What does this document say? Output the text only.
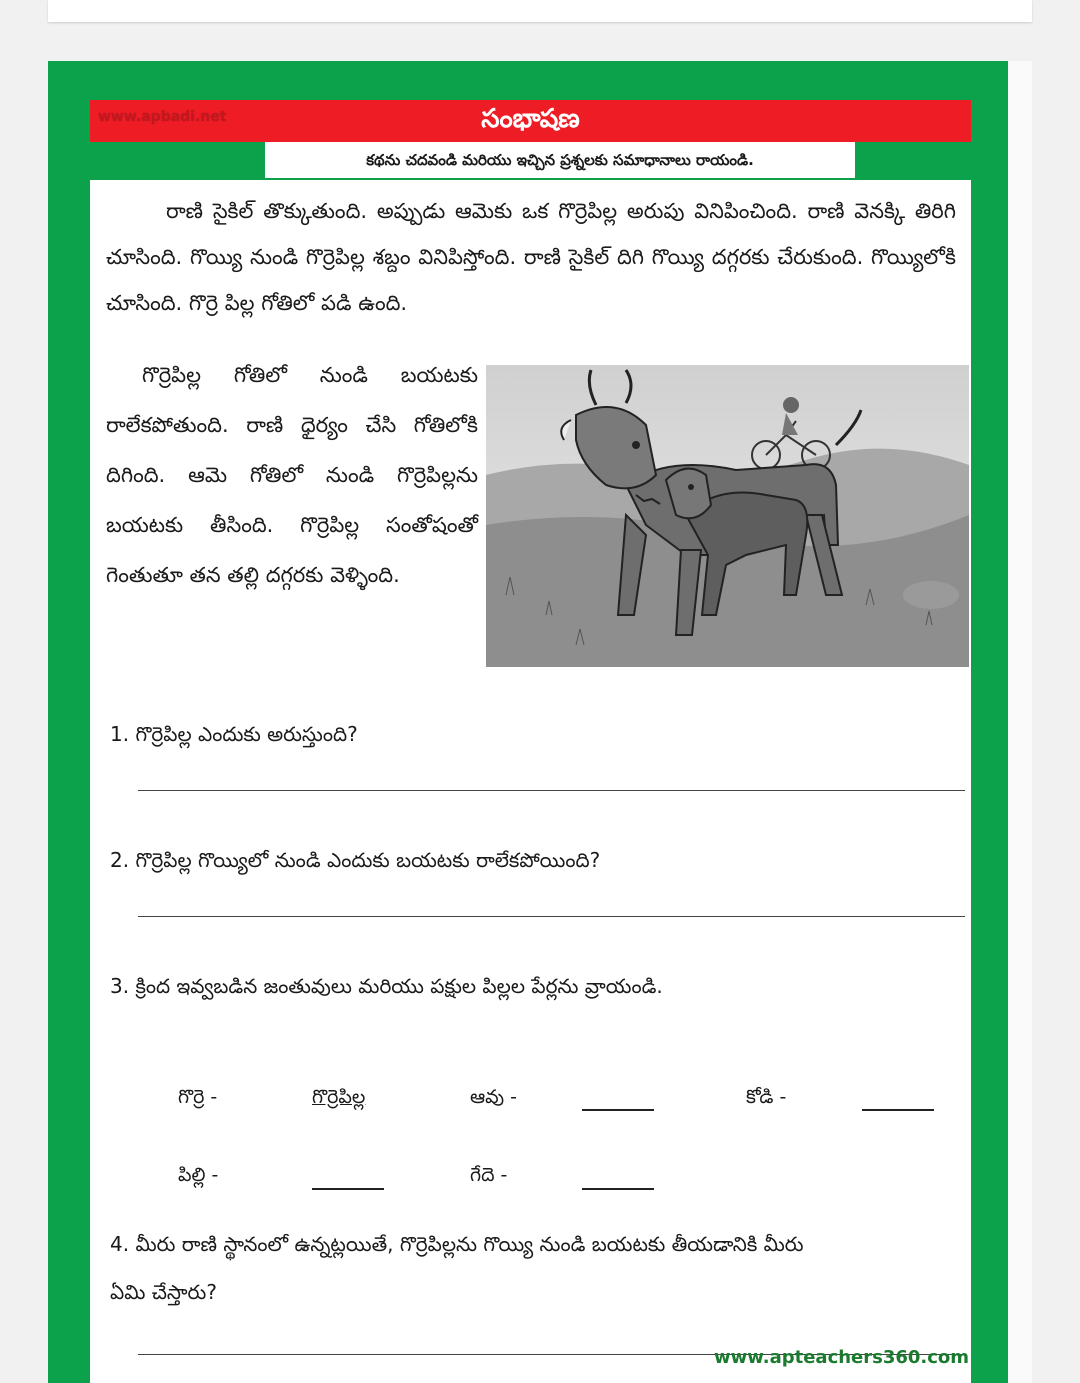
www.apbadi.net	సంభాషణ
కథను చదవండి మరియు ఇచ్చిన ప్రశ్నలకు సమాధానాలు రాయండి.
రాణి సైకిల్ తొక్కుతుంది. అప్పుడు ఆమెకు ఒక గొర్రెపిల్ల అరుపు వినిపించింది. రాణి వెనక్కి తిరిగి చూసింది. గొయ్యి నుండి గొర్రెపిల్ల శబ్దం వినిపిస్తోంది. రాణి సైకిల్ దిగి గొయ్యి దగ్గరకు చేరుకుంది. గొయ్యిలోకి చూసింది. గొర్రె పిల్ల గోతిలో పడి ఉంది.
గొర్రెపిల్ల గోతిలో నుండి బయటకు రాలేకపోతుంది. రాణి ధైర్యం చేసి గోతిలోకి దిగింది. ఆమె గోతిలో నుండి గొర్రెపిల్లను బయటకు తీసింది. గొర్రెపిల్ల సంతోషంతో గెంతుతూ తన తల్లి దగ్గరకు వెళ్ళింది.
1. గొర్రెపిల్ల ఎందుకు అరుస్తుంది?
2. గొర్రెపిల్ల గొయ్యిలో నుండి ఎందుకు బయటకు రాలేకపోయింది?
3. క్రింద ఇవ్వబడిన జంతువులు మరియు పక్షుల పిల్లల పేర్లను వ్రాయండి.
గొర్రె -	గొర్రెపిల్ల	ఆవు -	కోడి -
పిల్లి -	గేదె -
4. మీరు రాణి స్థానంలో ఉన్నట్లయితే, గొర్రెపిల్లను గొయ్యి నుండి బయటకు తీయడానికి మీరు
ఏమి చేస్తారు?
www.apteachers360.com
Teaching at the Right Level	Summer Camp - 2023
